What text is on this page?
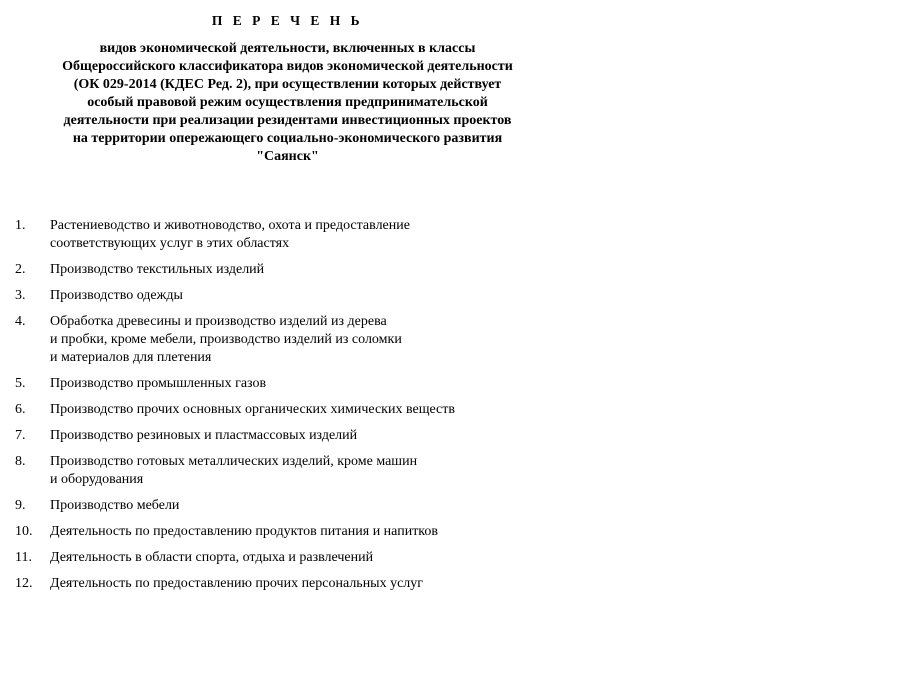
П Е Р Е Ч Е Н Ь
видов экономической деятельности, включенных в классы
Общероссийского классификатора видов экономической деятельности
(ОК 029-2014 (КДЕС Ред. 2), при осуществлении которых действует
особый правовой режим осуществления предпринимательской
деятельности при реализации резидентами инвестиционных проектов
на территории опережающего социально-экономического развития
"Саянск"
1.	Растениеводство и животноводство, охота и предоставление
соответствующих услуг в этих областях
2.	Производство текстильных изделий
3.	Производство одежды
4.	Обработка древесины и производство изделий из дерева
и пробки, кроме мебели, производство изделий из соломки
и материалов для плетения
5.	Производство промышленных газов
6.	Производство прочих основных органических химических веществ
7.	Производство резиновых и пластмассовых изделий
8.	Производство готовых металлических изделий, кроме машин
и оборудования
9.	Производство мебели
10.	Деятельность по предоставлению продуктов питания и напитков
11.	Деятельность в области спорта, отдыха и развлечений
12.	Деятельность по предоставлению прочих персональных услуг
